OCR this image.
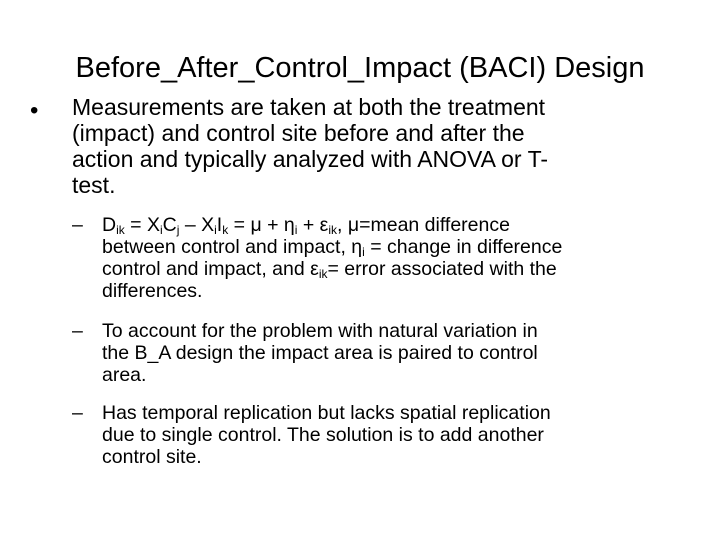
Before_After_Control_Impact (BACI) Design
• Measurements are taken at both the treatment
(impact) and control site before and after the
action and typically analyzed with ANOVA or T-
test.
– $D_{ik} = X_iC_j - X_iI_k = \mu + \eta_i + \varepsilon_{ik}$, μ=mean difference
between control and impact, $\eta_i$ = change in difference
control and impact, and $\varepsilon_{ik}=$ error associated with the
differences.
– To account for the problem with natural variation in
the B_A design the impact area is paired to control
area.
– Has temporal replication but lacks spatial replication
due to single control. The solution is to add another
control site.
